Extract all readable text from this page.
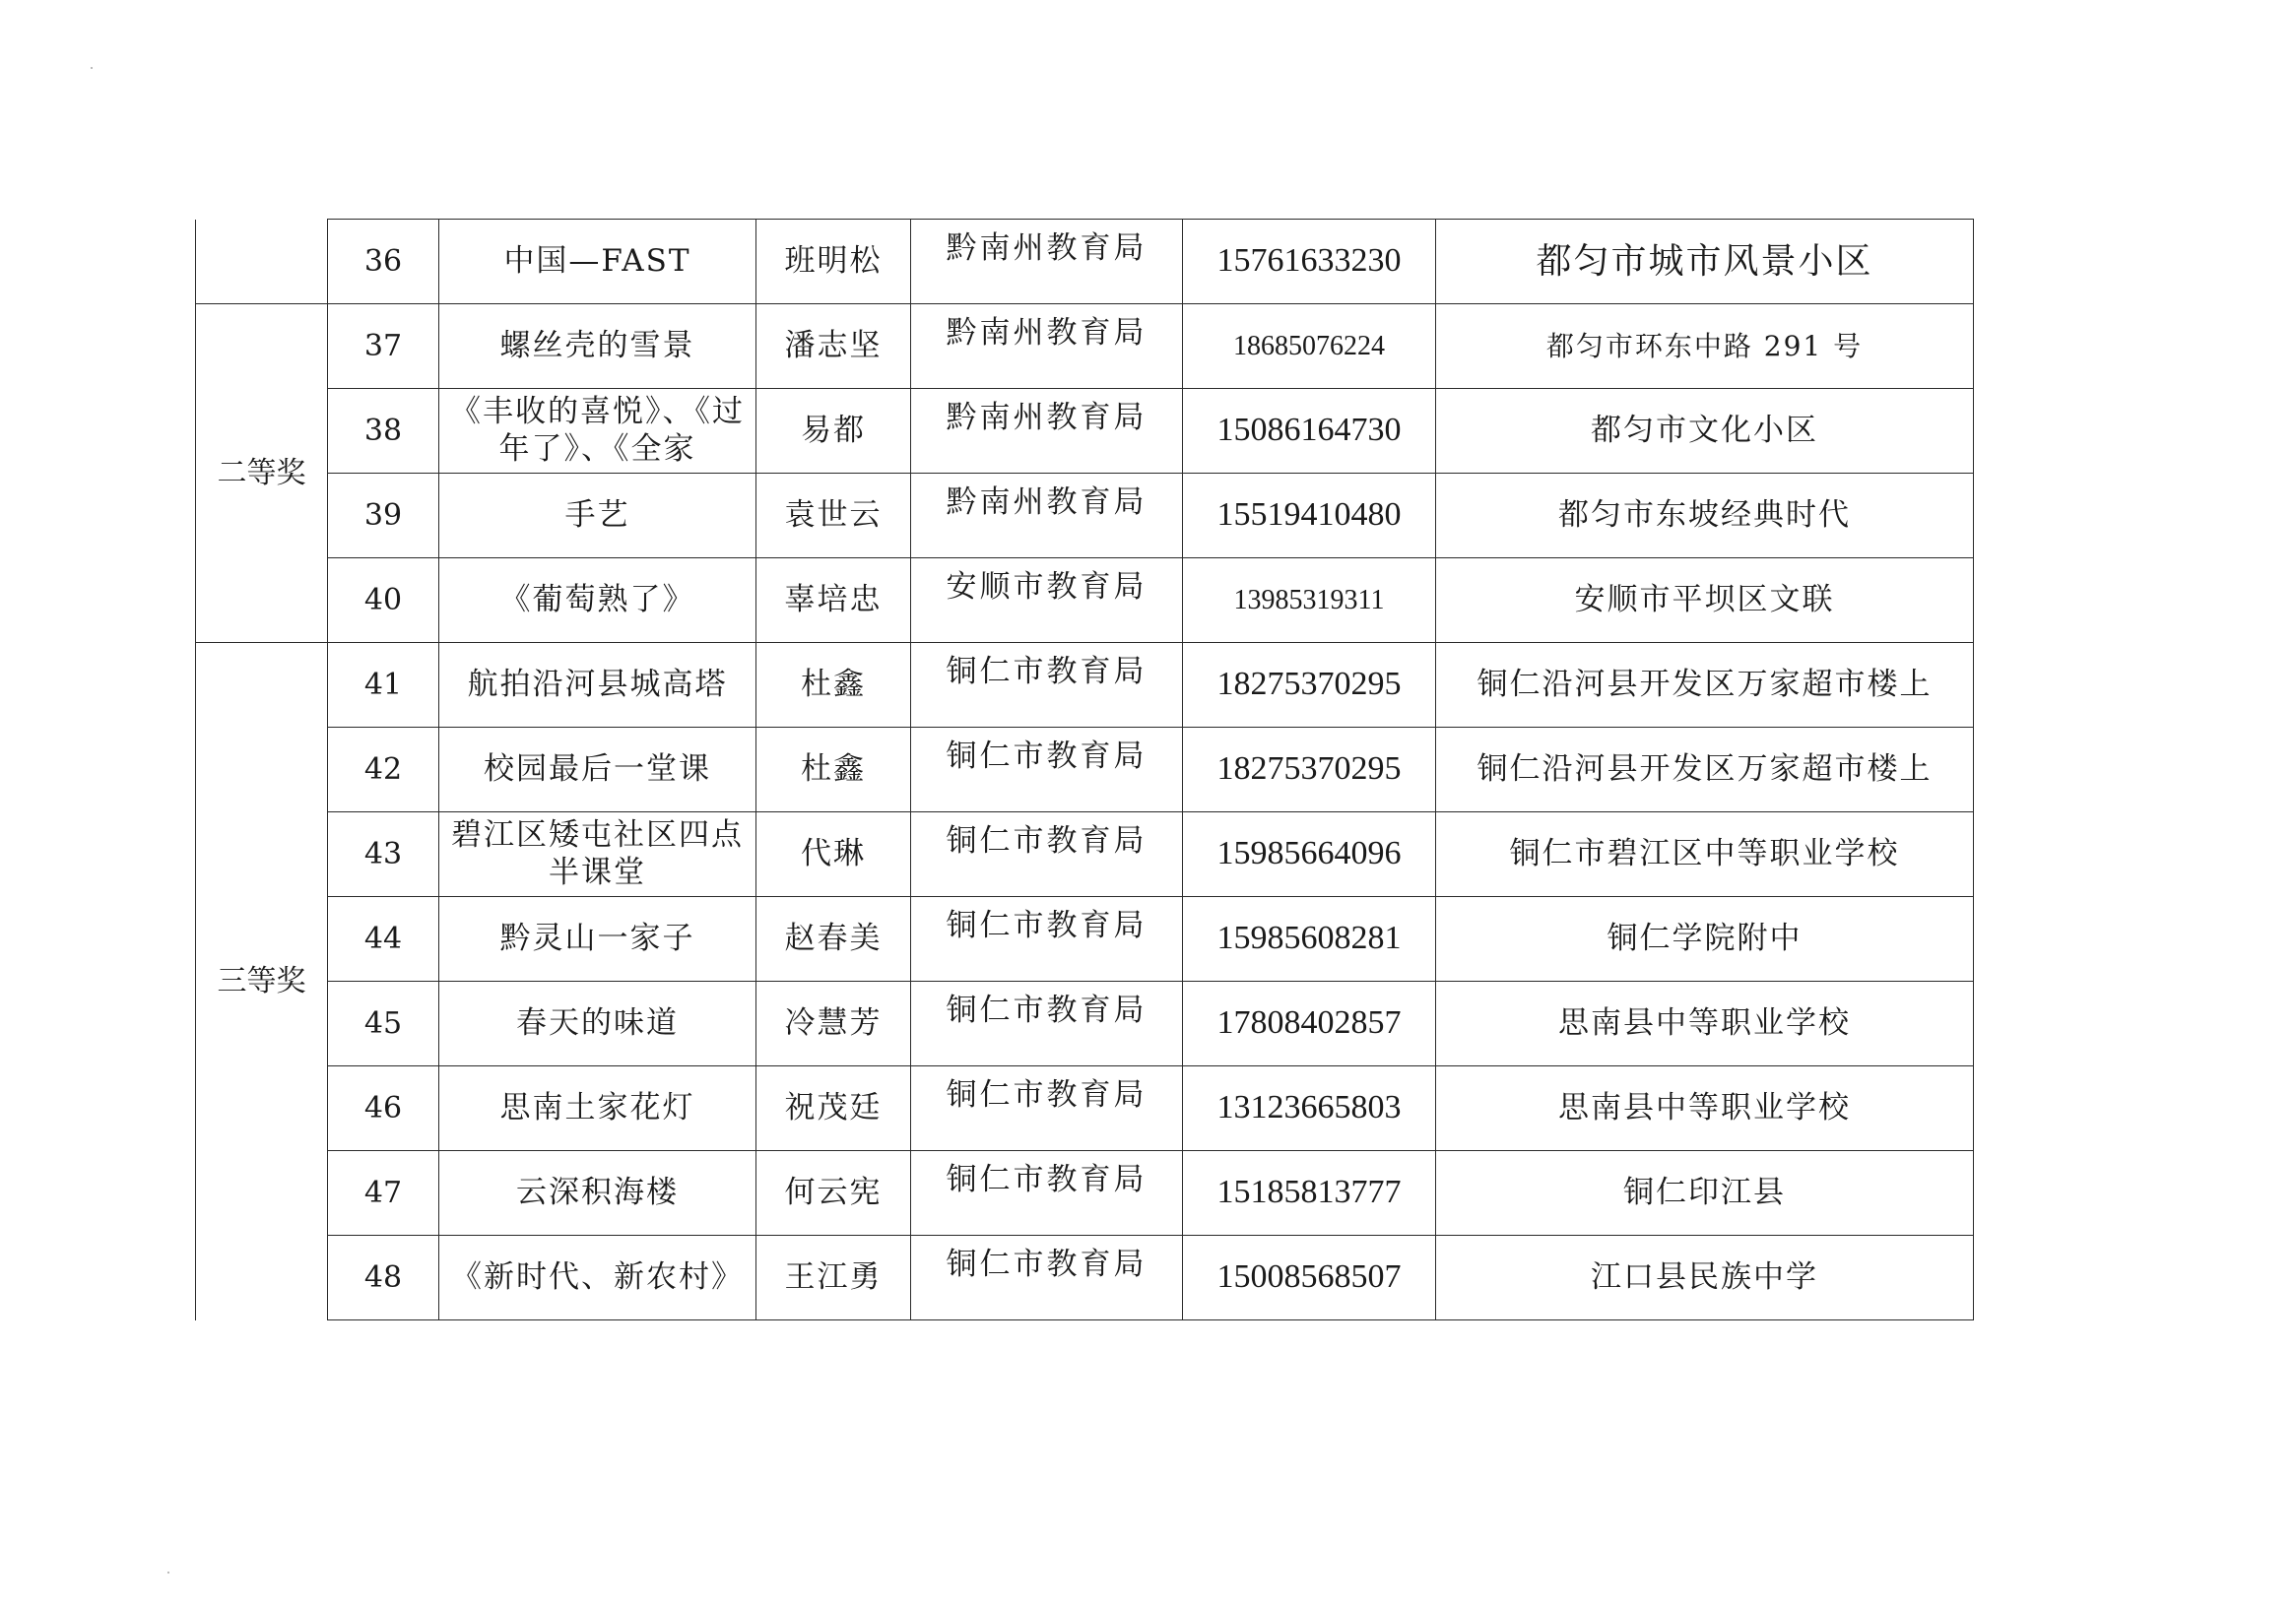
	36	中国—FAST	班明松	黔南州教育局	15761633230	都匀市城市风景小区
二等奖	37	螺丝壳的雪景	潘志坚	黔南州教育局	18685076224	都匀市环东中路 291 号
	38	《丰收的喜悦》、《过年了》、《全家	易都	黔南州教育局	15086164730	都匀市文化小区
	39	手艺	袁世云	黔南州教育局	15519410480	都匀市东坡经典时代
	40	《葡萄熟了》	辜培忠	安顺市教育局	13985319311	安顺市平坝区文联
三等奖	41	航拍沿河县城高塔	杜鑫	铜仁市教育局	18275370295	铜仁沿河县开发区万家超市楼上
	42	校园最后一堂课	杜鑫	铜仁市教育局	18275370295	铜仁沿河县开发区万家超市楼上
	43	碧江区矮屯社区四点半课堂	代琳	铜仁市教育局	15985664096	铜仁市碧江区中等职业学校
	44	黔灵山一家子	赵春美	铜仁市教育局	15985608281	铜仁学院附中
	45	春天的味道	冷慧芳	铜仁市教育局	17808402857	思南县中等职业学校
	46	思南土家花灯	祝茂廷	铜仁市教育局	13123665803	思南县中等职业学校
	47	云深积海楼	何云宪	铜仁市教育局	15185813777	铜仁印江县
	48	《新时代、新农村》	王江勇	铜仁市教育局	15008568507	江口县民族中学
